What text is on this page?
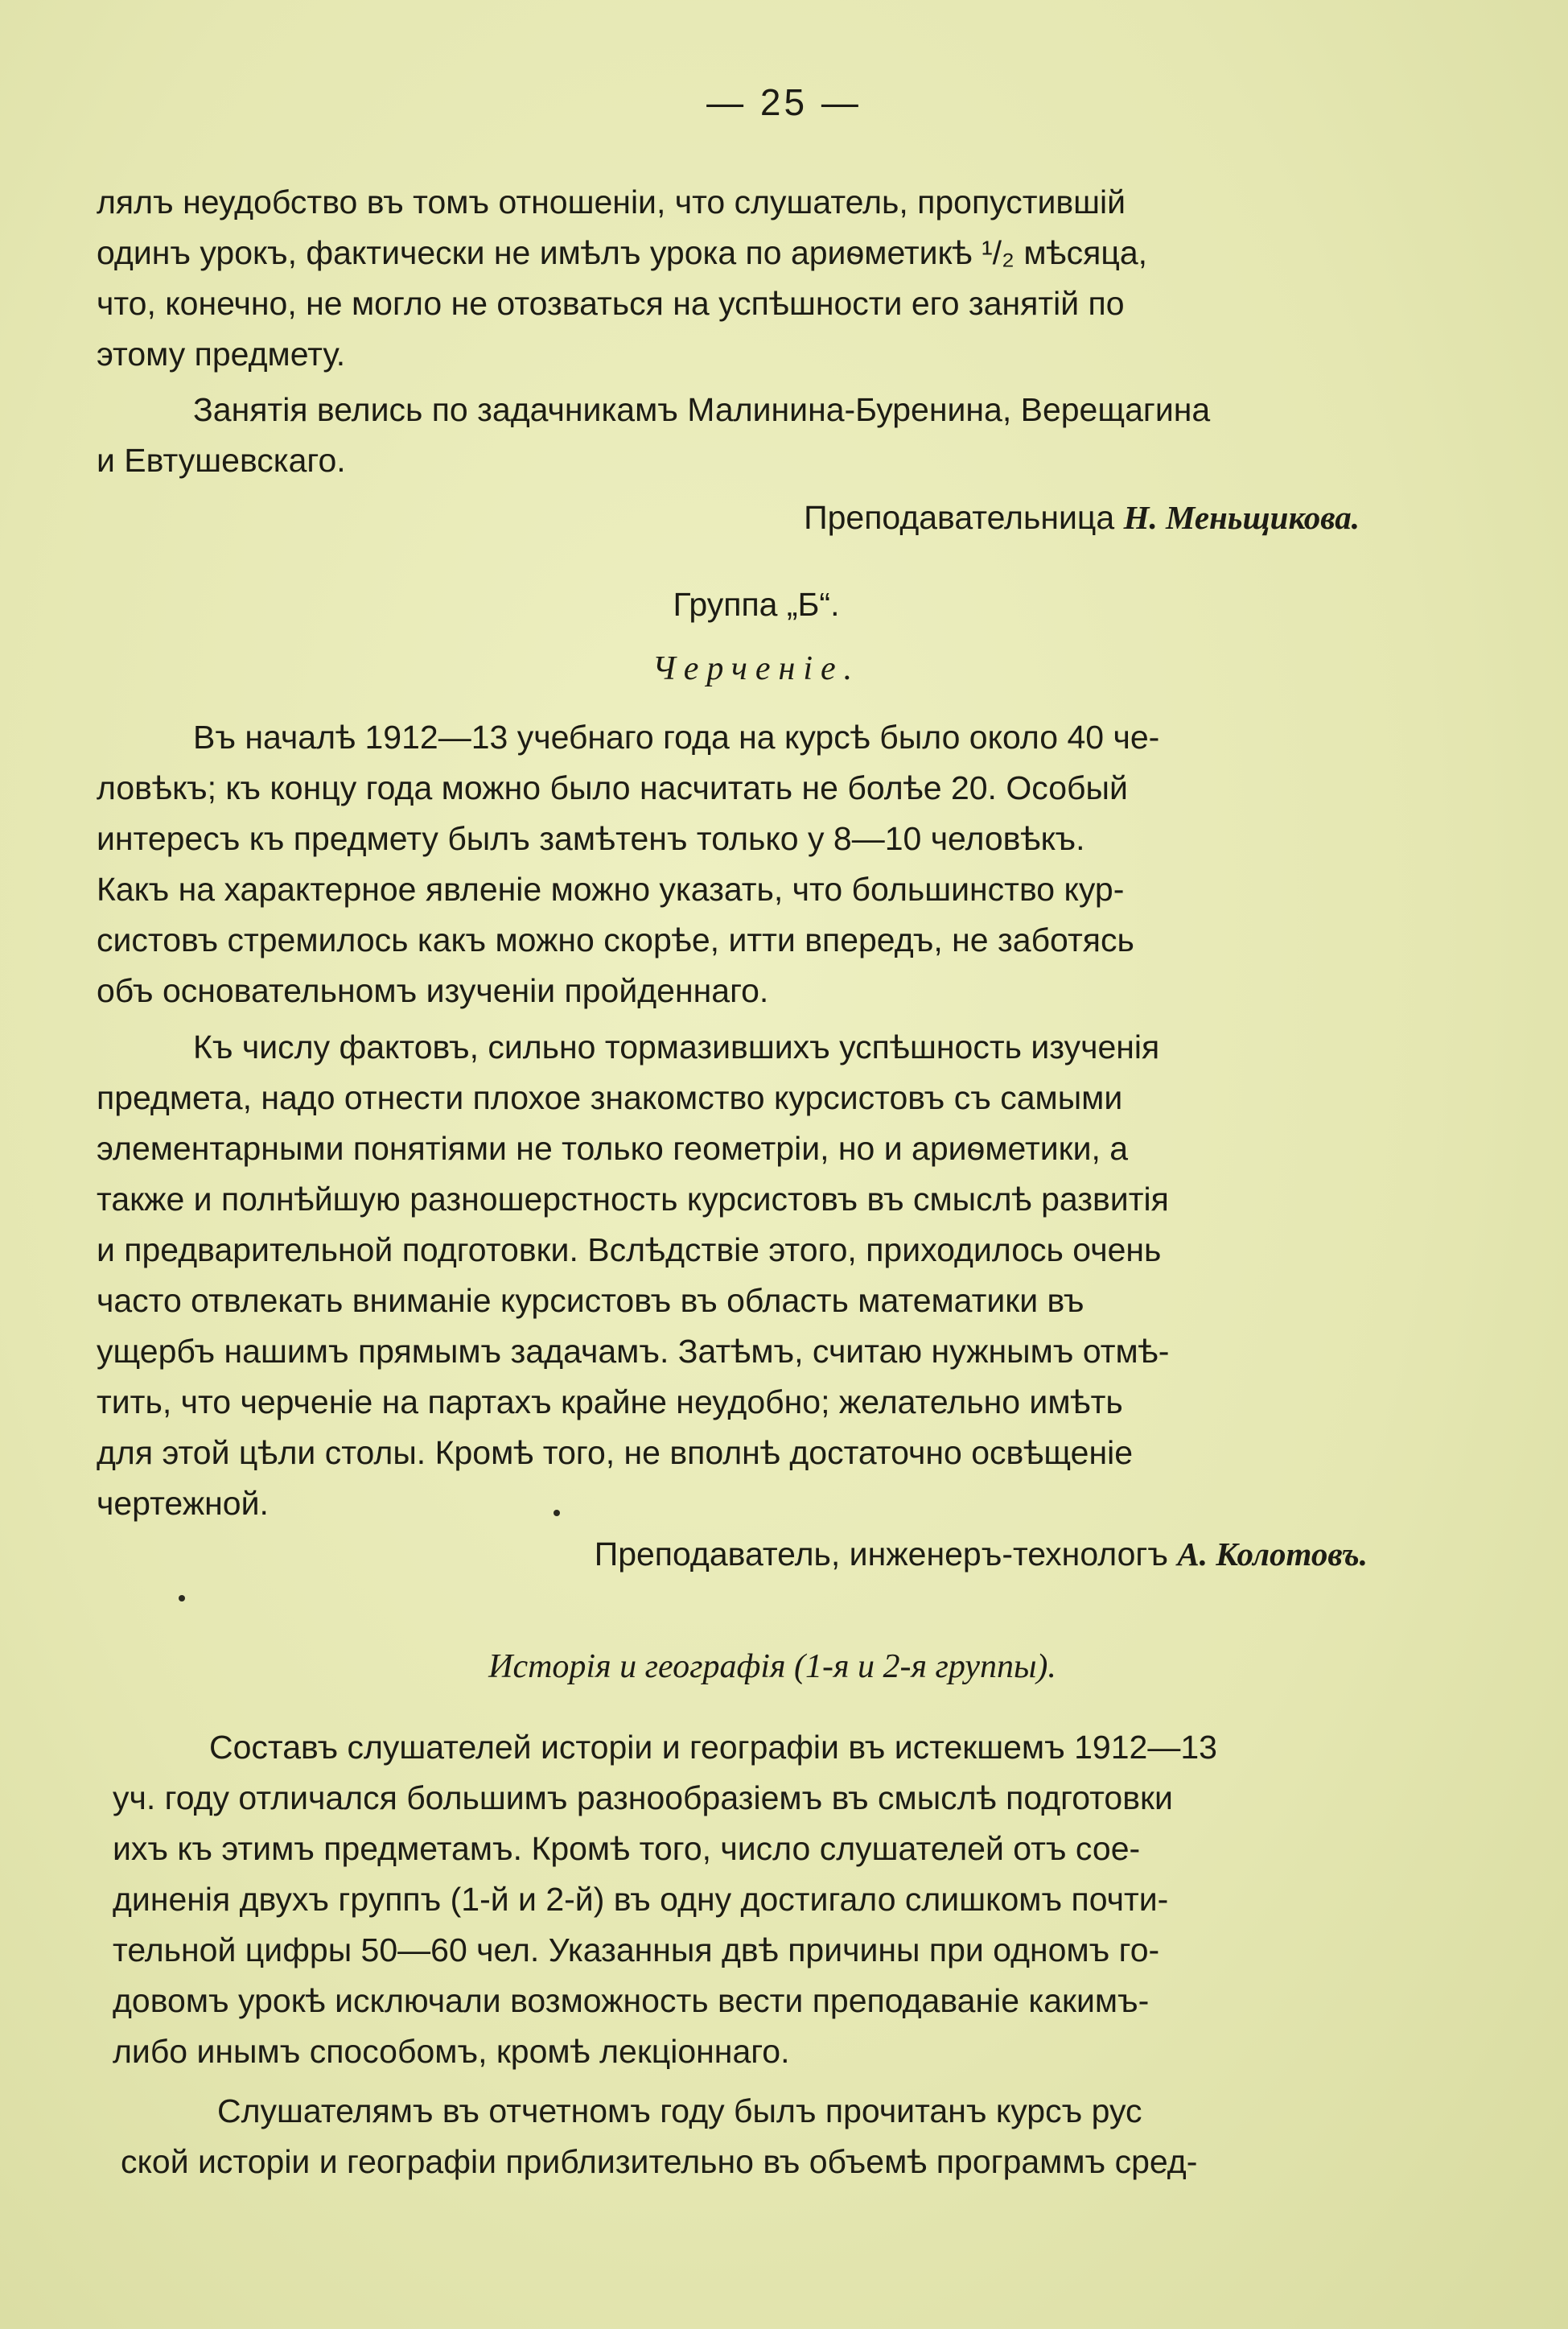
— 25 —
лялъ неудобство въ томъ отношеніи, что слушатель, пропустившій
одинъ урокъ, фактически не имѣлъ урока по ариѳметикѣ ¹/₂ мѣсяца,
что, конечно, не могло не отозваться на успѣшности его занятій по
этому предмету.
Занятія велись по задачникамъ Малинина-Буренина, Верещагина
и Евтушевскаго.
Преподавательница Н. Меньщикова.
Группа „Б“.
Черченіе.
Въ началѣ 1912—13 учебнаго года на курсѣ было около 40 че-
ловѣкъ; къ концу года можно было насчитать не болѣе 20. Особый
интересъ къ предмету былъ замѣтенъ только у 8—10 человѣкъ.
Какъ на характерное явленіе можно указать, что большинство кур-
систовъ стремилось какъ можно скорѣе, итти впередъ, не заботясь
объ основательномъ изученіи пройденнаго.
Къ числу фактовъ, сильно тормазившихъ успѣшность изученія
предмета, надо отнести плохое знакомство курсистовъ съ самыми
элементарными понятіями не только геометріи, но и ариѳметики, а
также и полнѣйшую разношерстность курсистовъ въ смыслѣ развитія
и предварительной подготовки. Вслѣдствіе этого, приходилось очень
часто отвлекать вниманіе курсистовъ въ область математики въ
ущербъ нашимъ прямымъ задачамъ. Затѣмъ, считаю нужнымъ отмѣ-
тить, что черченіе на партахъ крайне неудобно; желательно имѣть
для этой цѣли столы. Кромѣ того, не вполнѣ достаточно освѣщеніе
чертежной.
Преподаватель, инженеръ-технологъ А. Колотовъ.
Исторія и географія (1-я и 2-я группы).
Составъ слушателей исторіи и географіи въ истекшемъ 1912—13
уч. году отличался большимъ разнообразіемъ въ смыслѣ подготовки
ихъ къ этимъ предметамъ. Кромѣ того, число слушателей отъ сое-
диненія двухъ группъ (1-й и 2-й) въ одну достигало слишкомъ почти-
тельной цифры 50—60 чел. Указанныя двѣ причины при одномъ го-
довомъ урокѣ исключали возможность вести преподаваніе какимъ-
либо инымъ способомъ, кромѣ лекціоннаго.
Слушателямъ въ отчетномъ году былъ прочитанъ курсъ рус
ской исторіи и географіи приблизительно въ объемѣ программъ сред-
